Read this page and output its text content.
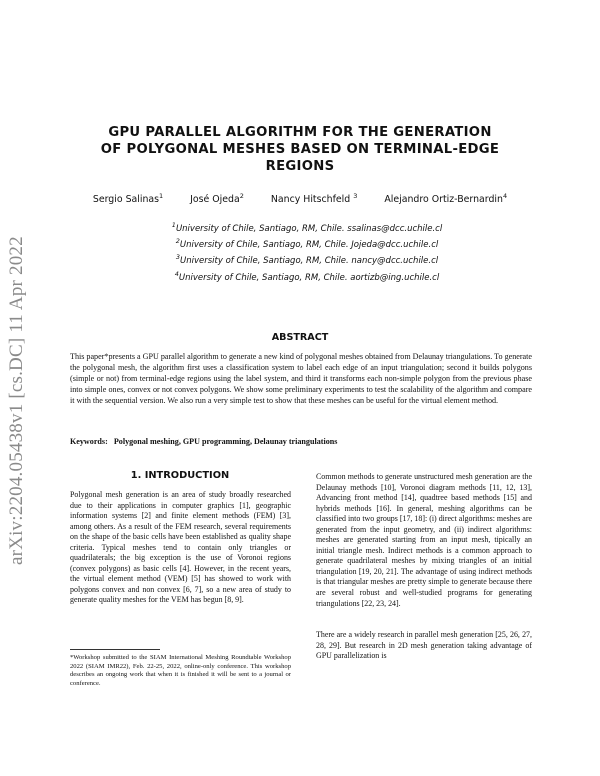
arXiv:2204.05438v1 [cs.DC] 11 Apr 2022
GPU PARALLEL ALGORITHM FOR THE GENERATION
OF POLYGONAL MESHES BASED ON TERMINAL-EDGE
REGIONS
Sergio Salinas$^1$	José Ojeda$^2$	Nancy Hitschfeld $^3$	Alejandro Ortiz-Bernardin$^4$
$^1$University of Chile, Santiago, RM, Chile. ssalinas@dcc.uchile.cl
$^2$University of Chile, Santiago, RM, Chile. Jojeda@dcc.uchile.cl
$^3$University of Chile, Santiago, RM, Chile. nancy@dcc.uchile.cl
$^4$University of Chile, Santiago, RM, Chile. aortizb@ing.uchile.cl
ABSTRACT
This paper*presents a GPU parallel algorithm to generate a new kind of polygonal meshes obtained from Delaunay triangulations. To generate the polygonal mesh, the algorithm first uses a classification system to label each edge of an input triangulation; second it builds polygons (simple or not) from terminal-edge regions using the label system, and third it transforms each non-simple polygon from the previous phase into simple ones, convex or not convex polygons. We show some preliminary experiments to test the scalability of the algorithm and compare it with the sequential version. We also run a very simple test to show that these meshes can be useful for the virtual element method.
Keywords: Polygonal meshing, GPU programming, Delaunay triangulations
1. INTRODUCTION
Polygonal mesh generation is an area of study broadly researched due to their applications in computer graphics [1], geographic information systems [2] and finite element methods (FEM) [3], among others. As a result of the FEM research, several requirements on the shape of the basic cells have been established as quality shape criteria. Typical meshes tend to contain only triangles or quadrilaterals; the big exception is the use of Voronoi regions (convex polygons) as basic cells [4]. However, in the recent years, the virtual element method (VEM) [5] has showed to work with polygons convex and non convex [6, 7], so a new area of study to generate quality meshes for the VEM has begun [8, 9].

Common methods to generate unstructured mesh generation are the Delaunay methods [10], Voronoi diagram methods [11, 12, 13], Advancing front method [14], quadtree based methods [15] and hybrids methods [16]. In general, meshing algorithms can be classified into two groups [17, 18]: (i) direct algorithms: meshes are generated from the input geometry, and (ii) indirect algorithms: meshes are generated starting from an input mesh, tipically an initial triangle mesh. Indirect methods is a common approach to generate quadrilateral meshes by mixing triangles of an initial triangulation [19, 20, 21]. The advantage of using indirect methods is that triangular meshes are pretty simple to generate because there are several robust and well-studied programs for generating triangulations [22, 23, 24].

There are a widely research in parallel mesh generation [25, 26, 27, 28, 29]. But research in 2D mesh generation taking advantage of GPU parallelization is

*Workshop submitted to the SIAM International Meshing Roundtable Workshop 2022 (SIAM IMR22), Feb. 22-25, 2022, online-only conference. This workshop describes an ongoing work that when it is finished it will be sent to a journal or conference.
